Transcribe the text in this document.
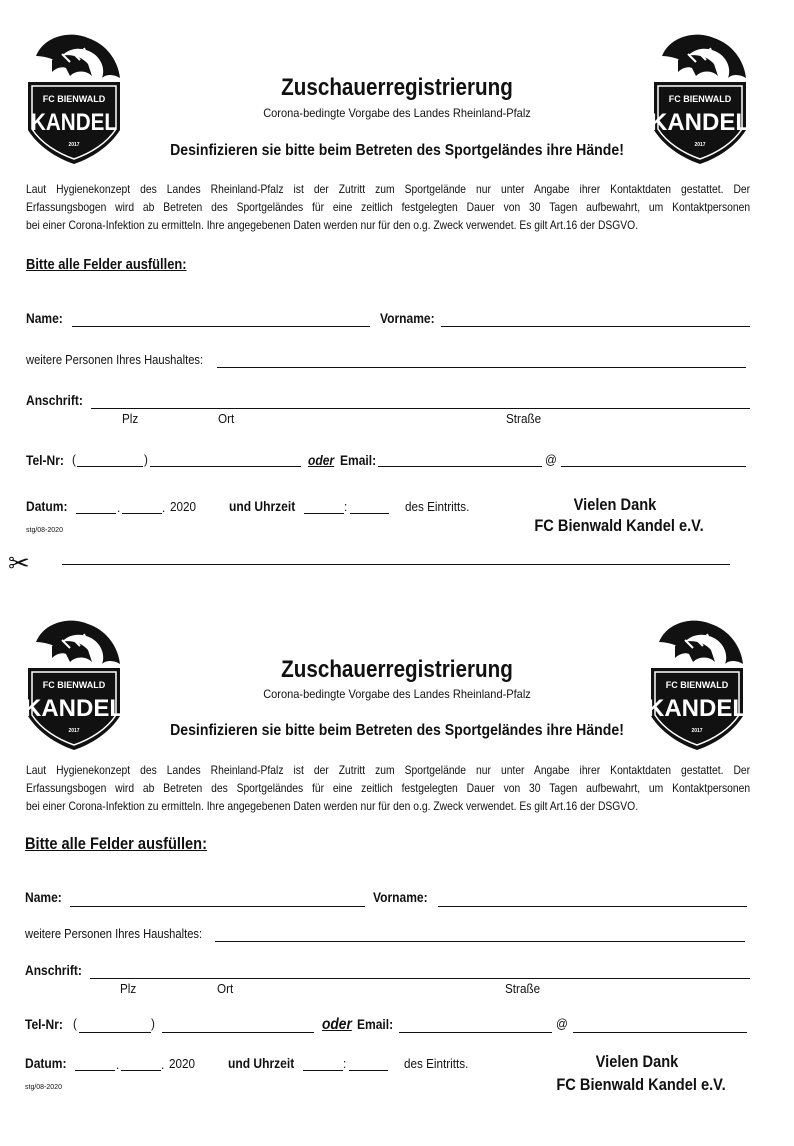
FC BIENWALD
KANDEL
2017
FC BIENWALD
KANDEL
2017
Zuschauerregistrierung
Corona-bedingte Vorgabe des Landes Rheinland-Pfalz
Desinfizieren sie bitte beim Betreten des Sportgeländes ihre Hände!
Laut Hygienekonzept des Landes Rheinland-Pfalz ist der Zutritt zum Sportgelände nur unter Angabe ihrer Kontaktdaten gestattet. Der
Erfassungsbogen wird ab Betreten des Sportgeländes für eine zeitlich festgelegten Dauer von 30 Tagen aufbewahrt, um Kontaktpersonen
bei einer Corona-Infektion zu ermitteln. Ihre angegebenen Daten werden nur für den o.g. Zweck verwendet. Es gilt Art.16 der DSGVO.
Bitte alle Felder ausfüllen:
Name:	Vorname:
weitere Personen Ihres Haushaltes:
Anschrift:
Plz	Ort	Straße
Tel-Nr: (	)	oder Email:	@
Datum:	.	. 2020 und Uhrzeit	:	des Eintritts.	Vielen Dank
FC Bienwald Kandel e.V.
stg/08-2020
✂
FC BIENWALD
KANDEL
2017
FC BIENWALD
KANDEL
2017
Zuschauerregistrierung
Corona-bedingte Vorgabe des Landes Rheinland-Pfalz
Desinfizieren sie bitte beim Betreten des Sportgeländes ihre Hände!
Laut Hygienekonzept des Landes Rheinland-Pfalz ist der Zutritt zum Sportgelände nur unter Angabe ihrer Kontaktdaten gestattet. Der
Erfassungsbogen wird ab Betreten des Sportgeländes für eine zeitlich festgelegten Dauer von 30 Tagen aufbewahrt, um Kontaktpersonen
bei einer Corona-Infektion zu ermitteln. Ihre angegebenen Daten werden nur für den o.g. Zweck verwendet. Es gilt Art.16 der DSGVO.
Bitte alle Felder ausfüllen:
Name:	Vorname:
weitere Personen Ihres Haushaltes:
Anschrift:
Plz	Ort	Straße
Tel-Nr: (	)	oder Email:	@
Datum:	.	. 2020 und Uhrzeit	:	des Eintritts.	Vielen Dank
FC Bienwald Kandel e.V.
stg/08-2020
